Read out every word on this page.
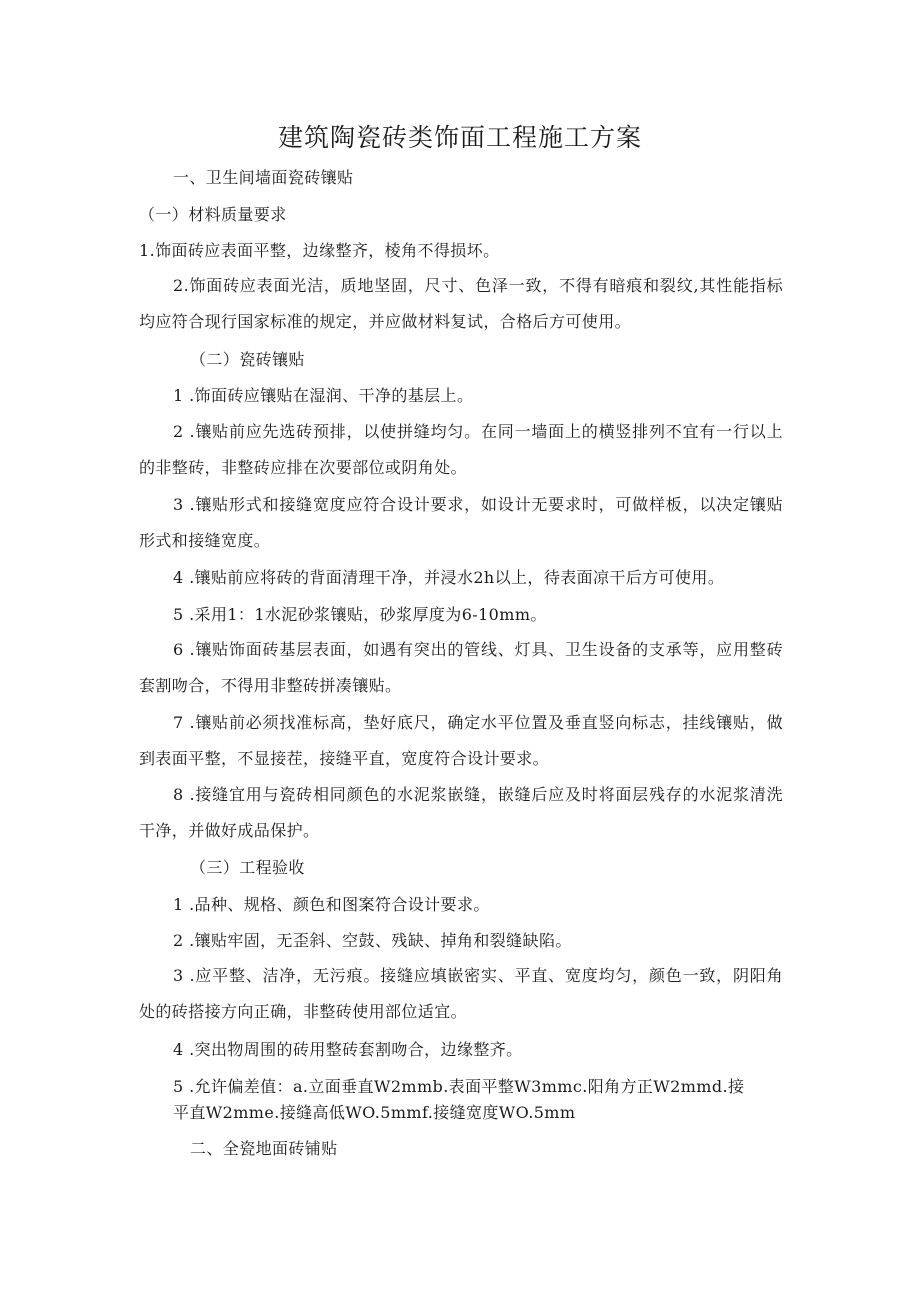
建筑陶瓷砖类饰面工程施工方案
一、卫生间墙面瓷砖镶贴
（一）材料质量要求
1.饰面砖应表面平整，边缘整齐，棱角不得损坏。
2.饰面砖应表面光洁，质地坚固，尺寸、色泽一致，不得有暗痕和裂纹,其性能指标均应符合现行国家标准的规定，并应做材料复试，合格后方可使用。
（二）瓷砖镶贴
1 .饰面砖应镶贴在湿润、干净的基层上。
2 .镶贴前应先选砖预排，以使拼缝均匀。在同一墙面上的横竖排列不宜有一行以上的非整砖，非整砖应排在次要部位或阴角处。
3 .镶贴形式和接缝宽度应符合设计要求，如设计无要求时，可做样板，以决定镶贴形式和接缝宽度。
4 .镶贴前应将砖的背面清理干净，并浸水2h以上，待表面凉干后方可使用。
5 .采用1：1水泥砂浆镶贴，砂浆厚度为6-10mm。
6 .镶贴饰面砖基层表面，如遇有突出的管线、灯具、卫生设备的支承等，应用整砖套割吻合，不得用非整砖拼凑镶贴。
7 .镶贴前必须找准标高，垫好底尺，确定水平位置及垂直竖向标志，挂线镶贴，做到表面平整，不显接茬，接缝平直，宽度符合设计要求。
8 .接缝宜用与瓷砖相同颜色的水泥浆嵌缝，嵌缝后应及时将面层残存的水泥浆清洗干净，并做好成品保护。
（三）工程验收
1 .品种、规格、颜色和图案符合设计要求。
2 .镶贴牢固，无歪斜、空鼓、残缺、掉角和裂缝缺陷。
3 .应平整、洁净，无污痕。接缝应填嵌密实、平直、宽度均匀，颜色一致，阴阳角处的砖搭接方向正确，非整砖使用部位适宜。
4 .突出物周围的砖用整砖套割吻合，边缘整齐。
5 .允许偏差值：a.立面垂直W2mmb.表面平整W3mmc.阳角方正W2mmd.接
平直W2mme.接缝高低WO.5mmf.接缝宽度WO.5mm
二、全瓷地面砖铺贴
